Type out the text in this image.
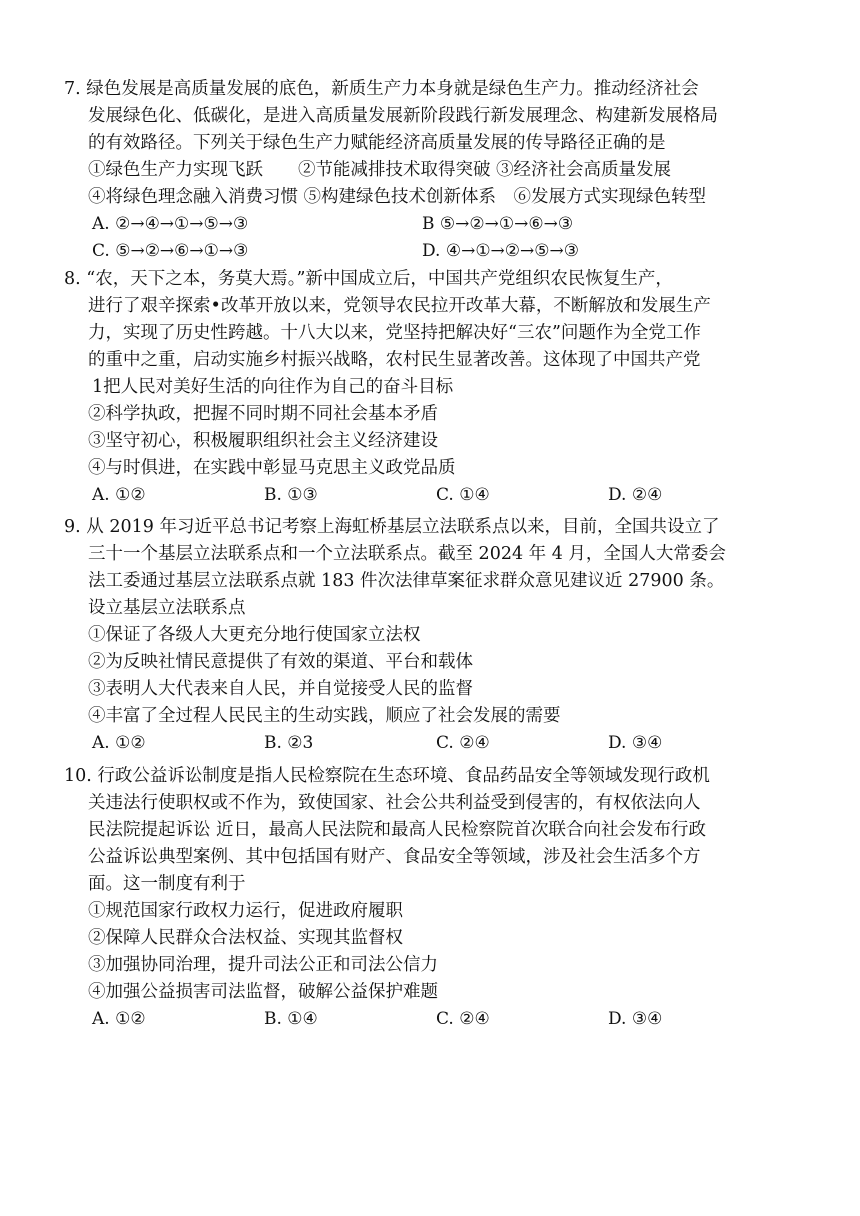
7. 绿色发展是高质量发展的底色，新质生产力本身就是绿色生产力。推动经济社会
发展绿色化、低碳化，是进入高质量发展新阶段践行新发展理念、构建新发展格局
的有效路径。下列关于绿色生产力赋能经济高质量发展的传导路径正确的是
①绿色生产力实现飞跃　　②节能减排技术取得突破 ③经济社会高质量发展
④将绿色理念融入消费习惯 ⑤构建绿色技术创新体系　⑥发展方式实现绿色转型
A. ②→④→①→⑤→③	B ⑤→②→①→⑥→③
C. ⑤→②→⑥→①→③	D. ④→①→②→⑤→③
8. “农，天下之本，务莫大焉。”新中国成立后，中国共产党组织农民恢复生产，
进行了艰辛探索•改革开放以来，党领导农民拉开改革大幕，不断解放和发展生产
力，实现了历史性跨越。十八大以来，党坚持把解决好“三农”问题作为全党工作
的重中之重，启动实施乡村振兴战略，农村民生显著改善。这体现了中国共产党
1把人民对美好生活的向往作为自己的奋斗目标
②科学执政，把握不同时期不同社会基本矛盾
③坚守初心，积极履职组织社会主义经济建设
④与时俱进，在实践中彰显马克思主义政党品质
A. ①②	B. ①③	C. ①④	D. ②④
9. 从 2019 年习近平总书记考察上海虹桥基层立法联系点以来，目前，全国共设立了
三十一个基层立法联系点和一个立法联系点。截至 2024 年 4 月，全国人大常委会
法工委通过基层立法联系点就 183 件次法律草案征求群众意见建议近 27900 条。
设立基层立法联系点
①保证了各级人大更充分地行使国家立法权
②为反映社情民意提供了有效的渠道、平台和载体
③表明人大代表来自人民，并自觉接受人民的监督
④丰富了全过程人民民主的生动实践，顺应了社会发展的需要
A. ①②	B. ②3	C. ②④	D. ③④
10. 行政公益诉讼制度是指人民检察院在生态环境、食品药品安全等领域发现行政机
关违法行使职权或不作为，致使国家、社会公共利益受到侵害的，有权依法向人
民法院提起诉讼 近日，最高人民法院和最高人民检察院首次联合向社会发布行政
公益诉讼典型案例、其中包括国有财产、食品安全等领域，涉及社会生活多个方
面。这一制度有利于
①规范国家行政权力运行，促进政府履职
②保障人民群众合法权益、实现其监督权
③加强协同治理，提升司法公正和司法公信力
④加强公益损害司法监督，破解公益保护难题
A. ①②	B. ①④	C. ②④	D. ③④
